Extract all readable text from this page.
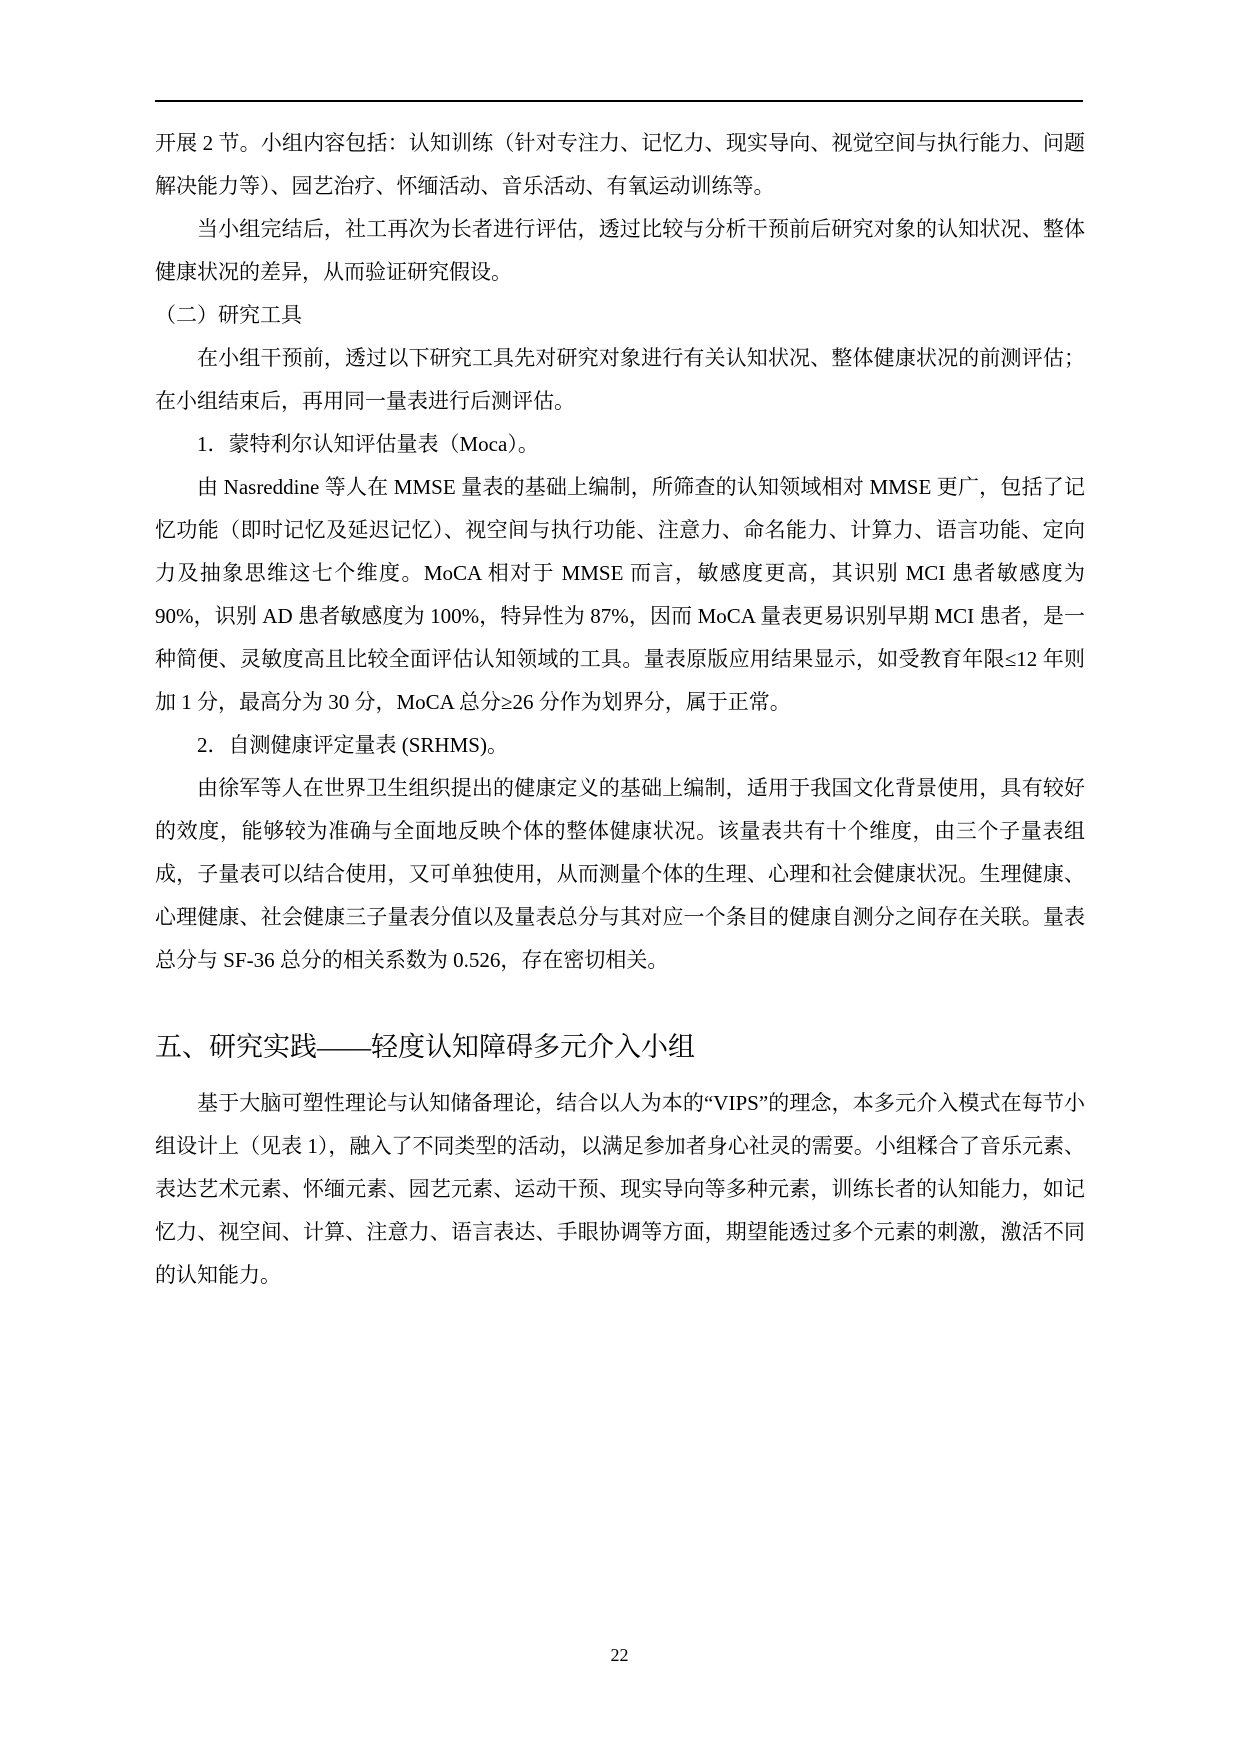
开展 2 节。小组内容包括：认知训练（针对专注力、记忆力、现实导向、视觉空间与执行能力、问题解决能力等）、园艺治疗、怀缅活动、音乐活动、有氧运动训练等。

当小组完结后，社工再次为长者进行评估，透过比较与分析干预前后研究对象的认知状况、整体健康状况的差异，从而验证研究假设。

（二）研究工具

在小组干预前，透过以下研究工具先对研究对象进行有关认知状况、整体健康状况的前测评估；在小组结束后，再用同一量表进行后测评估。

1．蒙特利尔认知评估量表（Moca）。

由 Nasreddine 等人在 MMSE 量表的基础上编制，所筛查的认知领域相对 MMSE 更广，包括了记忆功能（即时记忆及延迟记忆）、视空间与执行功能、注意力、命名能力、计算力、语言功能、定向力及抽象思维这七个维度。MoCA 相对于 MMSE 而言，敏感度更高，其识别 MCI 患者敏感度为 90%，识别 AD 患者敏感度为 100%，特异性为 87%，因而 MoCA 量表更易识别早期 MCI 患者，是一种简便、灵敏度高且比较全面评估认知领域的工具。量表原版应用结果显示，如受教育年限≤12 年则加 1 分，最高分为 30 分，MoCA 总分≥26 分作为划界分，属于正常。

2．自测健康评定量表 (SRHMS)。

由徐军等人在世界卫生组织提出的健康定义的基础上编制，适用于我国文化背景使用，具有较好的效度，能够较为准确与全面地反映个体的整体健康状况。该量表共有十个维度，由三个子量表组成，子量表可以结合使用，又可单独使用，从而测量个体的生理、心理和社会健康状况。生理健康、心理健康、社会健康三子量表分值以及量表总分与其对应一个条目的健康自测分之间存在关联。量表总分与 SF-36 总分的相关系数为 0.526，存在密切相关。

五、研究实践——轻度认知障碍多元介入小组

基于大脑可塑性理论与认知储备理论，结合以人为本的“VIPS”的理念，本多元介入模式在每节小组设计上（见表 1），融入了不同类型的活动，以满足参加者身心社灵的需要。小组糅合了音乐元素、表达艺术元素、怀缅元素、园艺元素、运动干预、现实导向等多种元素，训练长者的认知能力，如记忆力、视空间、计算、注意力、语言表达、手眼协调等方面，期望能透过多个元素的刺激，激活不同的认知能力。

22
